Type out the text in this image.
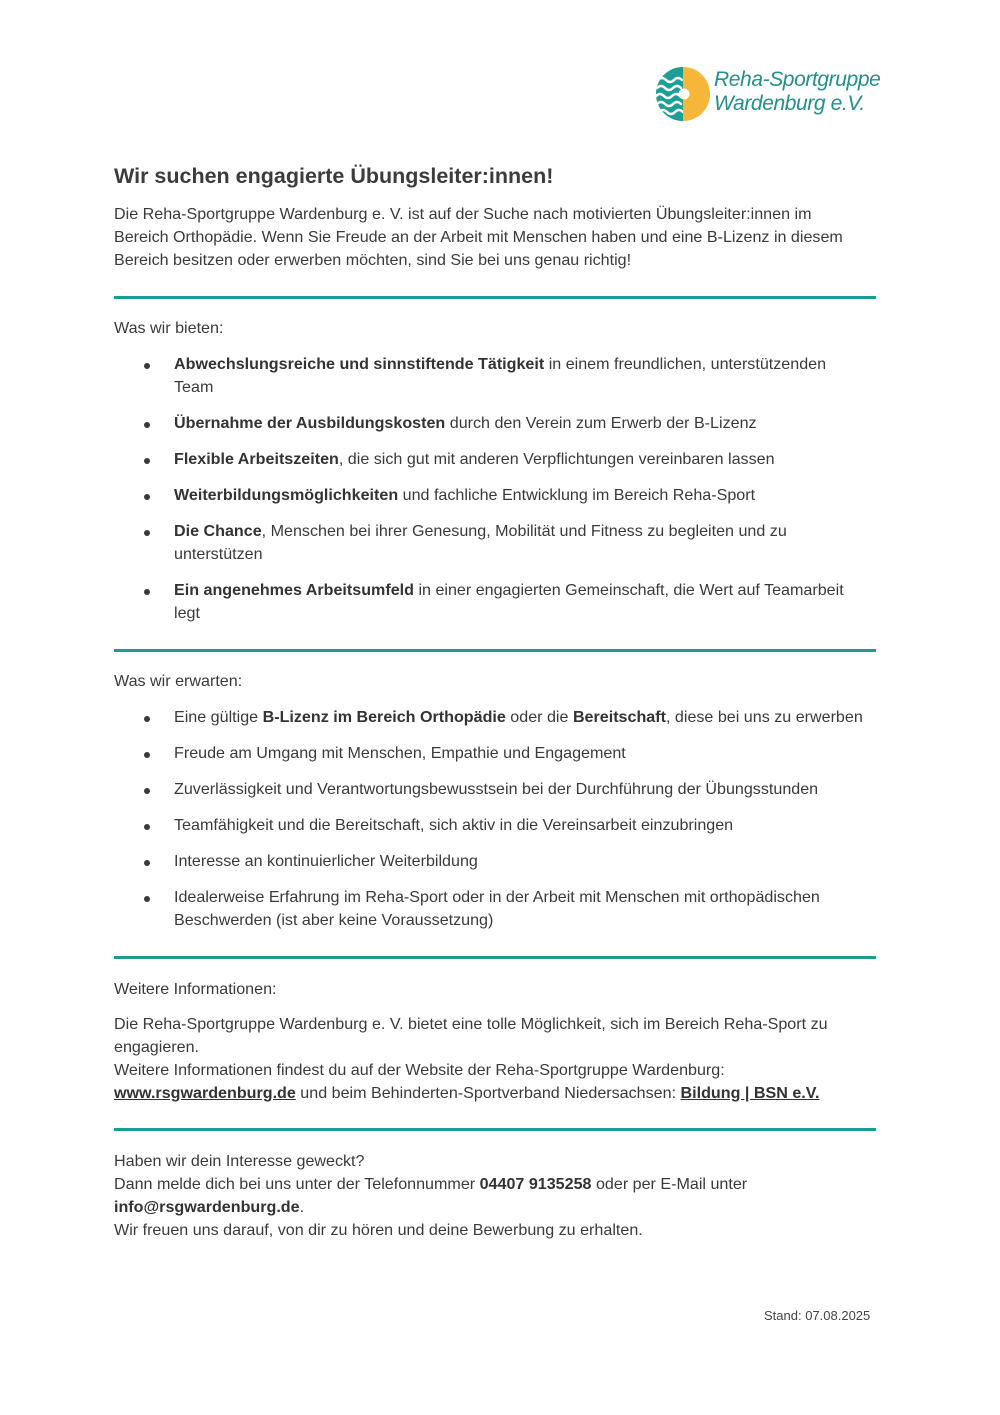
Reha-Sportgruppe
Wardenburg e.V.
Wir suchen engagierte Übungsleiter:innen!
Die Reha-Sportgruppe Wardenburg e. V. ist auf der Suche nach motivierten Übungsleiter:innen im
Bereich Orthopädie. Wenn Sie Freude an der Arbeit mit Menschen haben und eine B-Lizenz in diesem
Bereich besitzen oder erwerben möchten, sind Sie bei uns genau richtig!
Was wir bieten:
Abwechslungsreiche und sinnstiftende Tätigkeit in einem freundlichen, unterstützenden
Team
Übernahme der Ausbildungskosten durch den Verein zum Erwerb der B-Lizenz
Flexible Arbeitszeiten, die sich gut mit anderen Verpflichtungen vereinbaren lassen
Weiterbildungsmöglichkeiten und fachliche Entwicklung im Bereich Reha-Sport
Die Chance, Menschen bei ihrer Genesung, Mobilität und Fitness zu begleiten und zu
unterstützen
Ein angenehmes Arbeitsumfeld in einer engagierten Gemeinschaft, die Wert auf Teamarbeit
legt
Was wir erwarten:
Eine gültige B-Lizenz im Bereich Orthopädie oder die Bereitschaft, diese bei uns zu erwerben
Freude am Umgang mit Menschen, Empathie und Engagement
Zuverlässigkeit und Verantwortungsbewusstsein bei der Durchführung der Übungsstunden
Teamfähigkeit und die Bereitschaft, sich aktiv in die Vereinsarbeit einzubringen
Interesse an kontinuierlicher Weiterbildung
Idealerweise Erfahrung im Reha-Sport oder in der Arbeit mit Menschen mit orthopädischen
Beschwerden (ist aber keine Voraussetzung)
Weitere Informationen:
Die Reha-Sportgruppe Wardenburg e. V. bietet eine tolle Möglichkeit, sich im Bereich Reha-Sport zu
engagieren.
Weitere Informationen findest du auf der Website der Reha-Sportgruppe Wardenburg:
www.rsgwardenburg.de und beim Behinderten-Sportverband Niedersachsen: Bildung | BSN e.V.
Haben wir dein Interesse geweckt?
Dann melde dich bei uns unter der Telefonnummer 04407 9135258 oder per E-Mail unter
info@rsgwardenburg.de.
Wir freuen uns darauf, von dir zu hören und deine Bewerbung zu erhalten.
Stand: 07.08.2025
